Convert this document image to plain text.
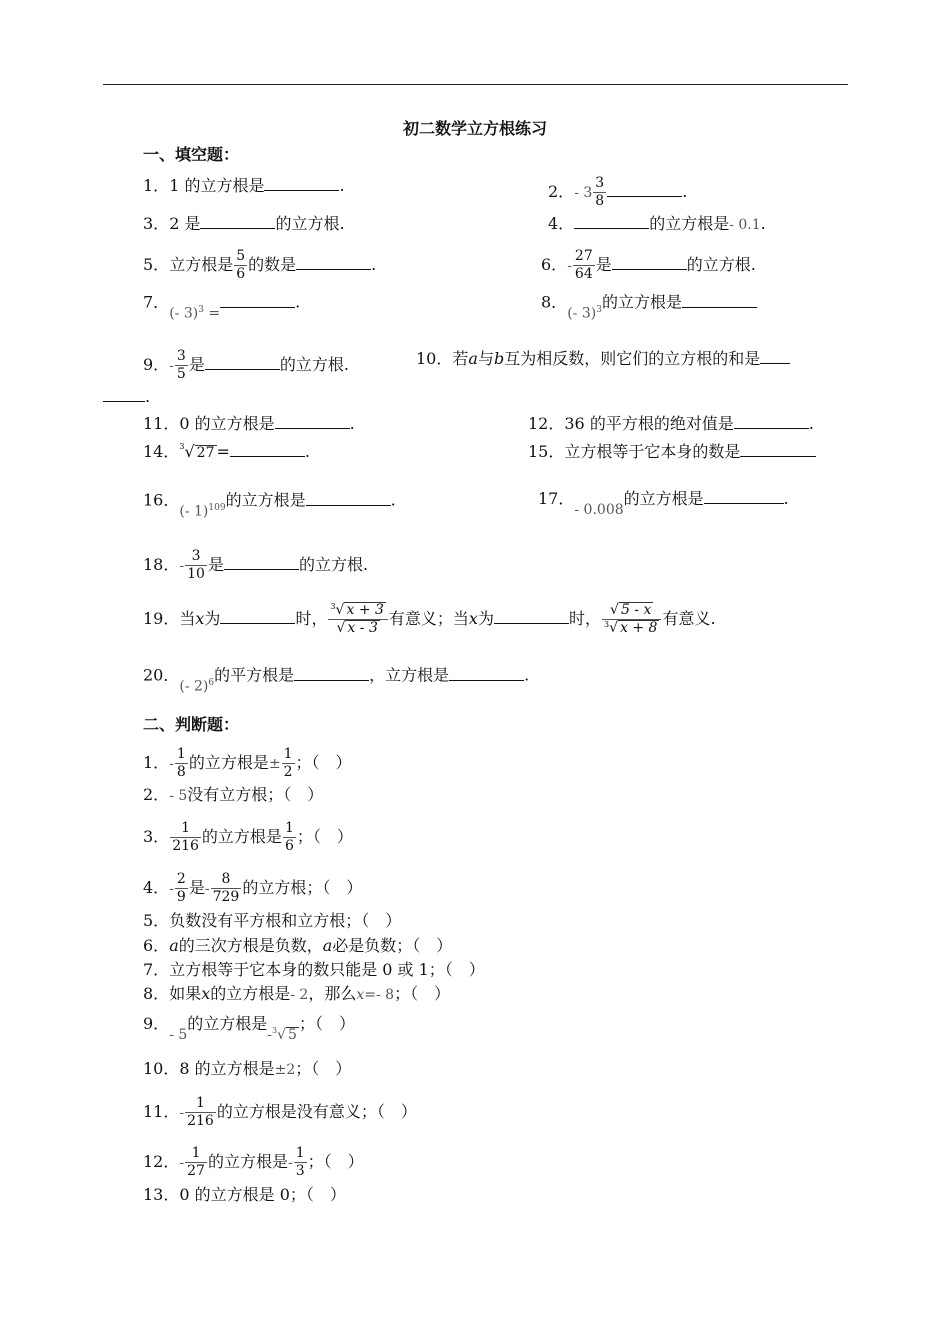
初二数学立方根练习
一、填空题：
1．1 的立方根是	.	2．- $3 \frac{3}{8}$	.
3．2 是	的立方根.	4．	的立方根是- 0.1.
5．立方根是 $\frac{5}{6}$ 的数是	.	6．- $\frac{27}{64}$ 是	的立方根.
7．(- 3)$^3$ =.	8．(- 3)$^3$的立方根是
9．- $\frac{3}{5}$ 是	的立方根.	10．若a与b互为相反数，则它们的立方根的和是
.
11．0 的立方根是	.	12．36 的平方根的绝对值是	.
14．$^3$√ 27 =	.	15．立方根等于它本身的数是
16．(- 1)$^{109}$的立方根是	.	17．- 0.008的立方根是	.
18．- $\frac{3}{10}$ 是	的立方根.
19．当x为	时， $\frac{^3√ x + 3}{√ x - 3}$ 有意义；当x为	时， $\frac{√ 5 - x}{^3√ x + 8}$ 有意义.
20．(- 2)$^6$的平方根是	，立方根是	.
二、判断题：
1．- $\frac{1}{8}$ 的立方根是± $\frac{1}{2}$ ；（　）
2．- 5没有立方根；（　）
3． $\frac{1}{216}$ 的立方根是 $\frac{1}{6}$ ；（　）
4．- $\frac{2}{9}$ 是- $\frac{8}{729}$ 的立方根；（　）
5．负数没有平方根和立方根；（　）
6．a的三次方根是负数，a必是负数；（　）
7．立方根等于它本身的数只能是 0 或 1；（　）
8．如果x的立方根是- 2，那么x=- 8；（　）
9．- 5的立方根是-$^3$√ 5；（　）
10．8 的立方根是±2；（　）
11．- $\frac{1}{216}$ 的立方根是没有意义；（　）
12．- $\frac{1}{27}$ 的立方根是- $\frac{1}{3}$ ；（　）
13．0 的立方根是 0；（　）
